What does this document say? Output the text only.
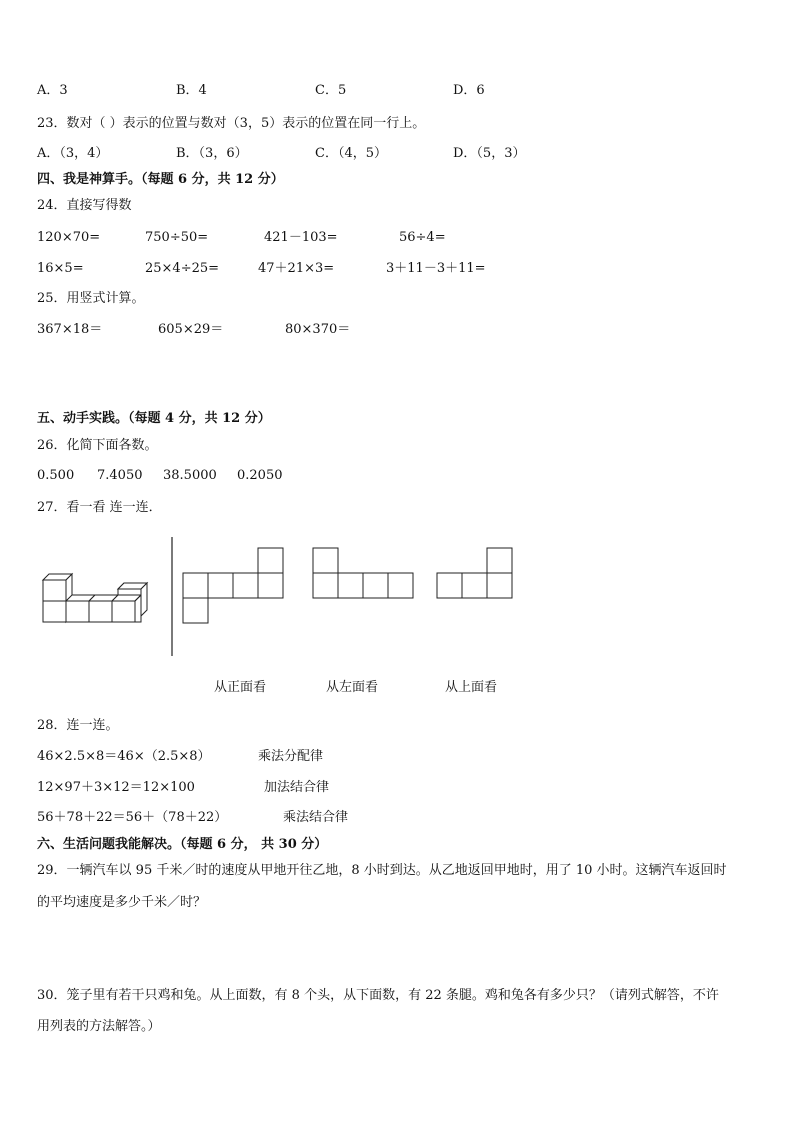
A．3	B．4	C．5	D．6
23．数对（ ）表示的位置与数对（3，5）表示的位置在同一行上。
A．（3，4）	B．（3，6）	C．（4，5）	D．（5，3）
四、我是神算手。（每题 6 分，共 12 分）
24．直接写得数
120×70=	750÷50=	421－103=	56÷4=
16×5=	25×4÷25=	47＋21×3=	3＋11－3＋11=
25．用竖式计算。
367×18＝	605×29＝	80×370＝
五、动手实践。（每题 4 分，共 12 分）
26．化简下面各数。
0.500 7.4050 38.5000 0.2050
27．看一看 连一连．
从正面看	从左面看	从上面看
28．连一连。
46×2.5×8＝46×（2.5×8）	乘法分配律
12×97＋3×12＝12×100	加法结合律
56＋78＋22＝56＋（78＋22）	乘法结合律
六、生活问题我能解决。（每题 6 分， 共 30 分）
29．一辆汽车以 95 千米／时的速度从甲地开往乙地，8 小时到达。从乙地返回甲地时，用了 10 小时。这辆汽车返回时
的平均速度是多少千米／时？
30．笼子里有若干只鸡和兔。从上面数，有 8 个头，从下面数，有 22 条腿。鸡和兔各有多少只？（请列式解答，不许
用列表的方法解答。）
